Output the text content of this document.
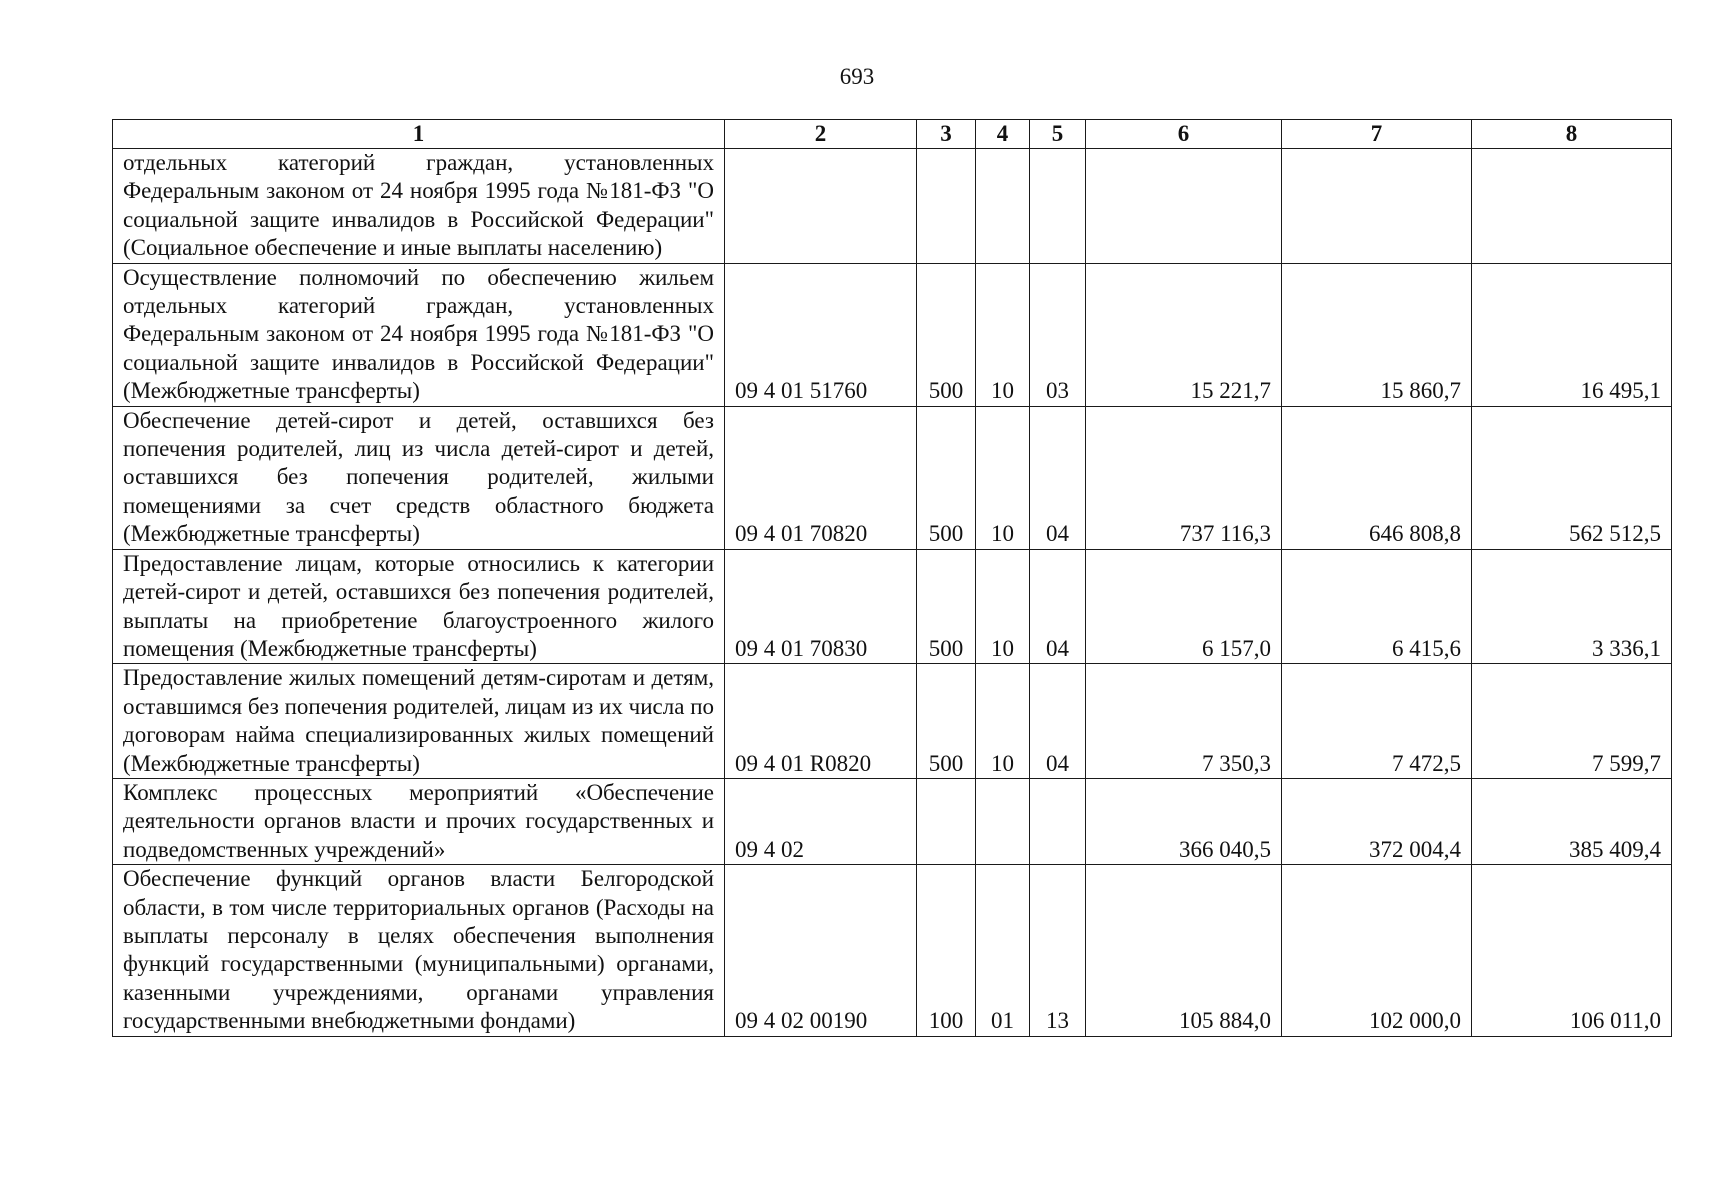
693
1	2	3	4	5	6	7	8
отдельных категорий граждан, установленных Федеральным законом от 24 ноября 1995 года №181-ФЗ "О социальной защите инвалидов в Российской Федерации" (Социальное обеспечение и иные выплаты населению)							
Осуществление полномочий по обеспечению жильем отдельных категорий граждан, установленных Федеральным законом от 24 ноября 1995 года №181-ФЗ "О социальной защите инвалидов в Российской Федерации" (Межбюджетные трансферты)	09 4 01 51760	500	10	03	15 221,7	15 860,7	16 495,1
Обеспечение детей-сирот и детей, оставшихся без попечения родителей, лиц из числа детей-сирот и детей, оставшихся без попечения родителей, жилыми помещениями за счет средств областного бюджета (Межбюджетные трансферты)	09 4 01 70820	500	10	04	737 116,3	646 808,8	562 512,5
Предоставление лицам, которые относились к категории детей-сирот и детей, оставшихся без попечения родителей, выплаты на приобретение благоустроенного жилого помещения (Межбюджетные трансферты)	09 4 01 70830	500	10	04	6 157,0	6 415,6	3 336,1
Предоставление жилых помещений детям-сиротам и детям, оставшимся без попечения родителей, лицам из их числа по договорам найма специализированных жилых помещений (Межбюджетные трансферты)	09 4 01 R0820	500	10	04	7 350,3	7 472,5	7 599,7
Комплекс процессных мероприятий «Обеспечение деятельности органов власти и прочих государственных и подведомственных учреждений»	09 4 02				366 040,5	372 004,4	385 409,4
Обеспечение функций органов власти Белгородской области, в том числе территориальных органов (Расходы на выплаты персоналу в целях обеспечения выполнения функций государственными (муниципальными) органами, казенными учреждениями, органами управления государственными внебюджетными фондами)	09 4 02 00190	100	01	13	105 884,0	102 000,0	106 011,0
